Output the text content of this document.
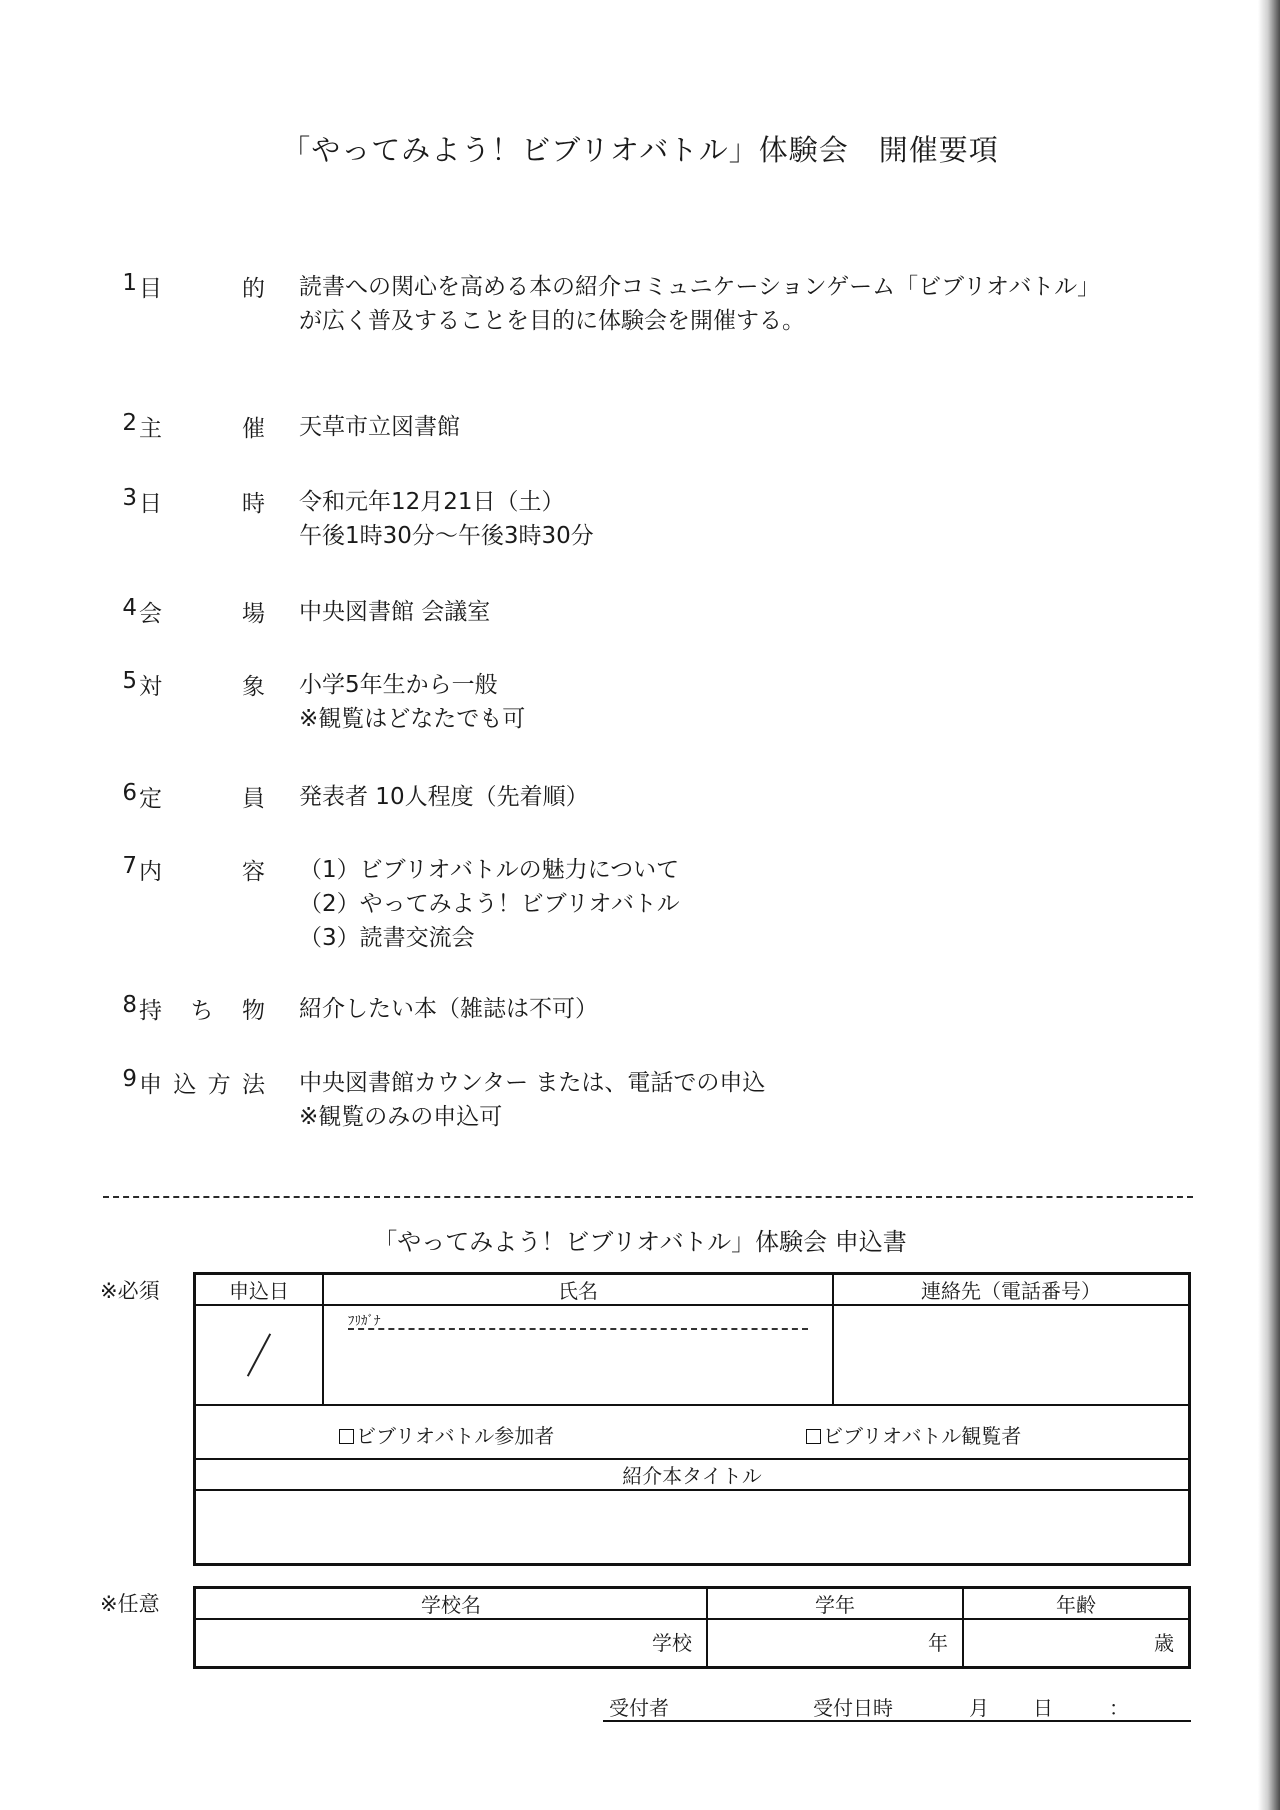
「やってみよう！ビブリオバトル」体験会　開催要項
1 目	的 読書への関心を高める本の紹介コミュニケーションゲーム「ビブリオバトル」
が広く普及することを目的に体験会を開催する。
2 主	催 天草市立図書館
3 日	時 令和元年12月21日（土）
午後1時30分～午後3時30分
4 会	場 中央図書館 会議室
5 対	象 小学5年生から一般
※観覧はどなたでも可
6 定	員 発表者 10人程度（先着順）
7 内	容 （1）ビブリオバトルの魅力について
（2）やってみよう！ビブリオバトル
（3）読書交流会
8 持 ち 物 紹介したい本（雑誌は不可）
9 申 込 方 法 中央図書館カウンター または、電話での申込
※観覧のみの申込可
「やってみよう！ビブリオバトル」体験会 申込書
※必須	申込日	氏名	連絡先（電話番号）

	ﾌﾘｶﾞﾅ	

ビブリオバトル参加者 ビブリオバトル観覧者		

紹介本タイトル		

※任意	学校名	学年	年齢

学校	年	歳
受付者	受付日時	月 日	：
